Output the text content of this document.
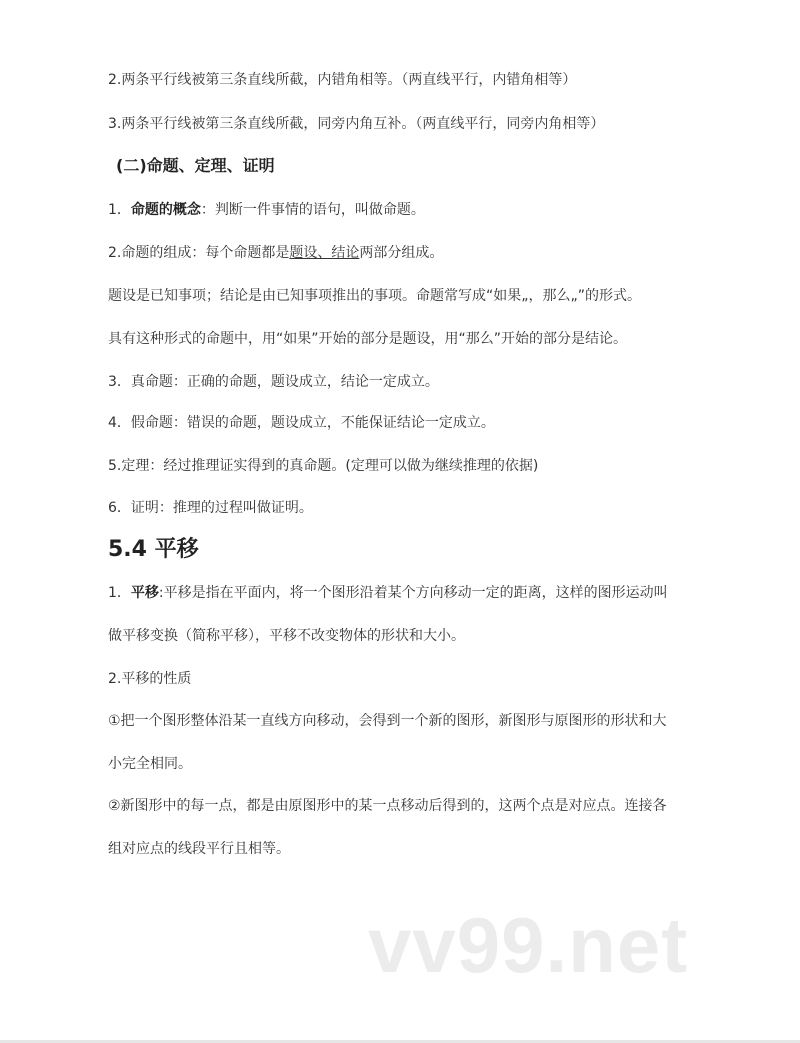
2.两条平行线被第三条直线所截，内错角相等。（两直线平行，内错角相等）
3.两条平行线被第三条直线所截，同旁内角互补。（两直线平行，同旁内角相等）
(二)命题、定理、证明
1．命题的概念：判断一件事情的语句，叫做命题。
2.命题的组成：每个命题都是题设、结论两部分组成。
题设是已知事项；结论是由已知事项推出的事项。命题常写成“如果„，那么„”的形式。
具有这种形式的命题中，用“如果”开始的部分是题设，用“那么”开始的部分是结论。
3．真命题：正确的命题，题设成立，结论一定成立。
4．假命题：错误的命题，题设成立，不能保证结论一定成立。
5.定理：经过推理证实得到的真命题。(定理可以做为继续推理的依据)
6．证明：推理的过程叫做证明。
5.4 平移
1．平移:平移是指在平面内，将一个图形沿着某个方向移动一定的距离，这样的图形运动叫
做平移变换（简称平移），平移不改变物体的形状和大小。
2.平移的性质
①把一个图形整体沿某一直线方向移动，会得到一个新的图形，新图形与原图形的形状和大
小完全相同。
②新图形中的每一点，都是由原图形中的某一点移动后得到的，这两个点是对应点。连接各
组对应点的线段平行且相等。
vv99.net
